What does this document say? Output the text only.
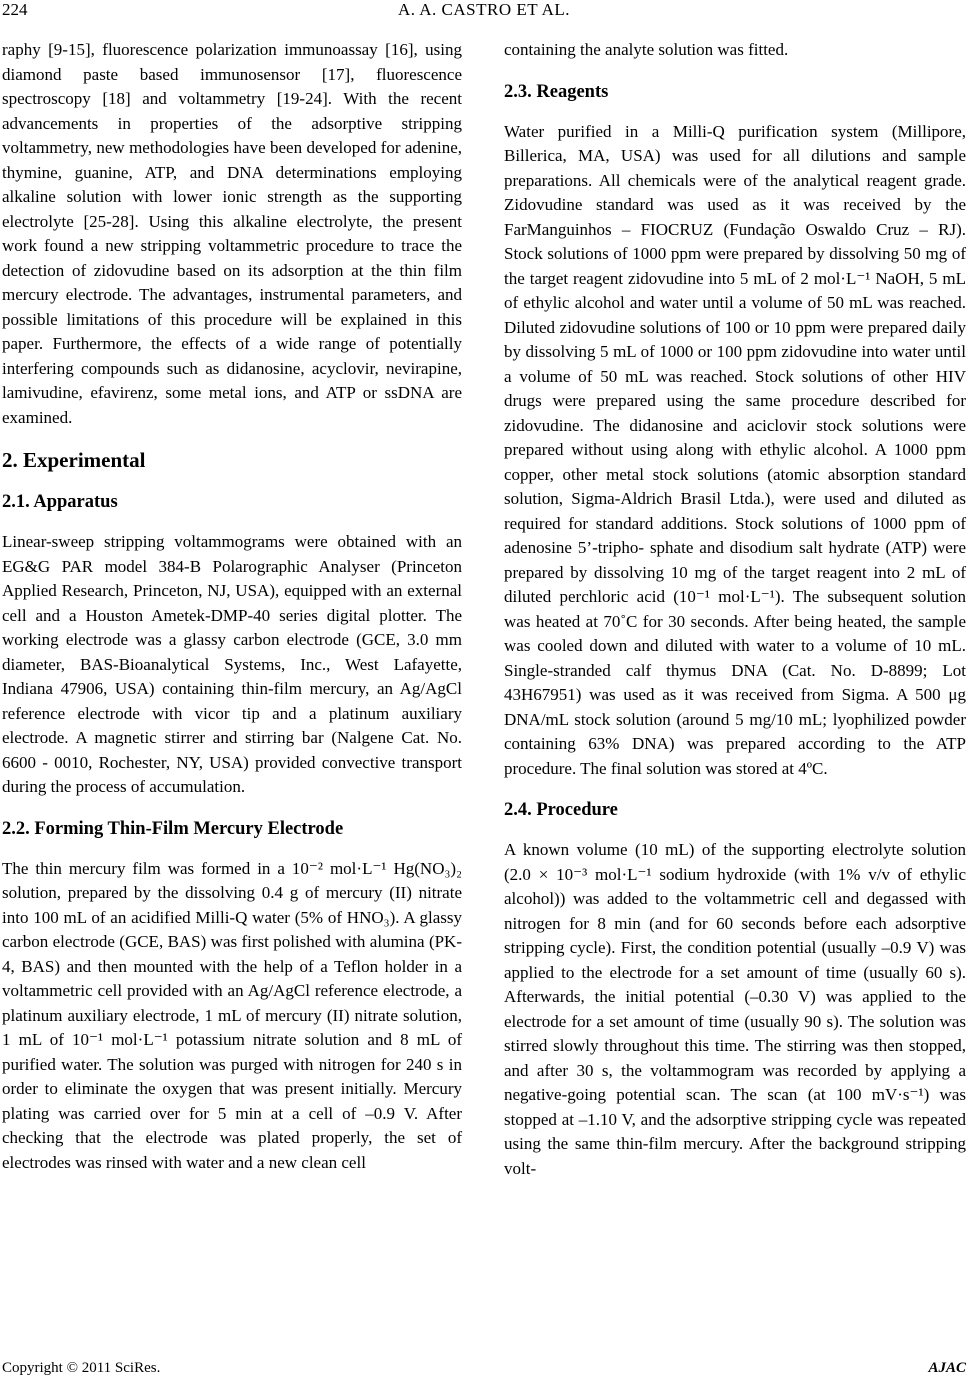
224	A. A. CASTRO ET AL.

raphy [9-15], fluorescence polarization immunoassay [16], using diamond paste based immunosensor [17], fluorescence spectroscopy [18] and voltammetry [19-24]. With the recent advancements in properties of the adsorptive stripping voltammetry, new methodologies have been developed for adenine, thymine, guanine, ATP, and DNA determinations employing alkaline solution with lower ionic strength as the supporting electrolyte [25-28]. Using this alkaline electrolyte, the present work found a new stripping voltammetric procedure to trace the detection of zidovudine based on its adsorption at the thin film mercury electrode. The advantages, instrumental parameters, and possible limitations of this procedure will be explained in this paper. Furthermore, the effects of a wide range of potentially interfering compounds such as didanosine, acyclovir, nevirapine, lamivudine, efavirenz, some metal ions, and ATP or ssDNA are examined.

2. Experimental
2.1. Apparatus

Linear-sweep stripping voltammograms were obtained with an EG&G PAR model 384-B Polarographic Analyser (Princeton Applied Research, Princeton, NJ, USA), equipped with an external cell and a Houston Ametek-DMP-40 series digital plotter. The working electrode was a glassy carbon electrode (GCE, 3.0 mm diameter, BAS-Bioanalytical Systems, Inc., West Lafayette, Indiana 47906, USA) containing thin-film mercury, an Ag/AgCl reference electrode with vicor tip and a platinum auxiliary electrode. A magnetic stirrer and stirring bar (Nalgene Cat. No. 6600 - 0010, Rochester, NY, USA) provided convective transport during the process of accumulation.

2.2. Forming Thin-Film Mercury Electrode

The thin mercury film was formed in a 10⁻² mol·L⁻¹ Hg(NO₃)₂ solution, prepared by the dissolving 0.4 g of mercury (II) nitrate into 100 mL of an acidified Milli-Q water (5% of HNO₃). A glassy carbon electrode (GCE, BAS) was first polished with alumina (PK-4, BAS) and then mounted with the help of a Teflon holder in a voltammetric cell provided with an Ag/AgCl reference electrode, a platinum auxiliary electrode, 1 mL of mercury (II) nitrate solution, 1 mL of 10⁻¹ mol·L⁻¹ potassium nitrate solution and 8 mL of purified water. The solution was purged with nitrogen for 240 s in order to eliminate the oxygen that was present initially. Mercury plating was carried over for 5 min at a cell of –0.9 V. After checking that the electrode was plated properly, the set of electrodes was rinsed with water and a new clean cell

containing the analyte solution was fitted.

2.3. Reagents

Water purified in a Milli-Q purification system (Millipore, Billerica, MA, USA) was used for all dilutions and sample preparations. All chemicals were of the analytical reagent grade. Zidovudine standard was used as it was received by the FarManguinhos – FIOCRUZ (Fundação Oswaldo Cruz – RJ). Stock solutions of 1000 ppm were prepared by dissolving 50 mg of the target reagent zidovudine into 5 mL of 2 mol·L⁻¹ NaOH, 5 mL of ethylic alcohol and water until a volume of 50 mL was reached. Diluted zidovudine solutions of 100 or 10 ppm were prepared daily by dissolving 5 mL of 1000 or 100 ppm zidovudine into water until a volume of 50 mL was reached. Stock solutions of other HIV drugs were prepared using the same procedure described for zidovudine. The didanosine and aciclovir stock solutions were prepared without using along with ethylic alcohol. A 1000 ppm copper, other metal stock solutions (atomic absorption standard solution, Sigma-Aldrich Brasil Ltda.), were used and diluted as required for standard additions. Stock solutions of 1000 ppm of adenosine 5’-tripho- sphate and disodium salt hydrate (ATP) were prepared by dissolving 10 mg of the target reagent into 2 mL of diluted perchloric acid (10⁻¹ mol·L⁻¹). The subsequent solution was heated at 70˚C for 30 seconds. After being heated, the sample was cooled down and diluted with water to a volume of 10 mL. Single-stranded calf thymus DNA (Cat. No. D-8899; Lot 43H67951) was used as it was received from Sigma. A 500 μg DNA/mL stock solution (around 5 mg/10 mL; lyophilized powder containing 63% DNA) was prepared according to the ATP procedure. The final solution was stored at 4ºC.

2.4. Procedure

A known volume (10 mL) of the supporting electrolyte solution (2.0 × 10⁻³ mol·L⁻¹ sodium hydroxide (with 1% v/v of ethylic alcohol)) was added to the voltammetric cell and degassed with nitrogen for 8 min (and for 60 seconds before each adsorptive stripping cycle). First, the condition potential (usually –0.9 V) was applied to the electrode for a set amount of time (usually 60 s). Afterwards, the initial potential (–0.30 V) was applied to the electrode for a set amount of time (usually 90 s). The solution was stirred slowly throughout this time. The stirring was then stopped, and after 30 s, the voltammogram was recorded by applying a negative-going potential scan. The scan (at 100 mV·s⁻¹) was stopped at –1.10 V, and the adsorptive stripping cycle was repeated using the same thin-film mercury. After the background stripping volt-

Copyright © 2011 SciRes.	AJAC
